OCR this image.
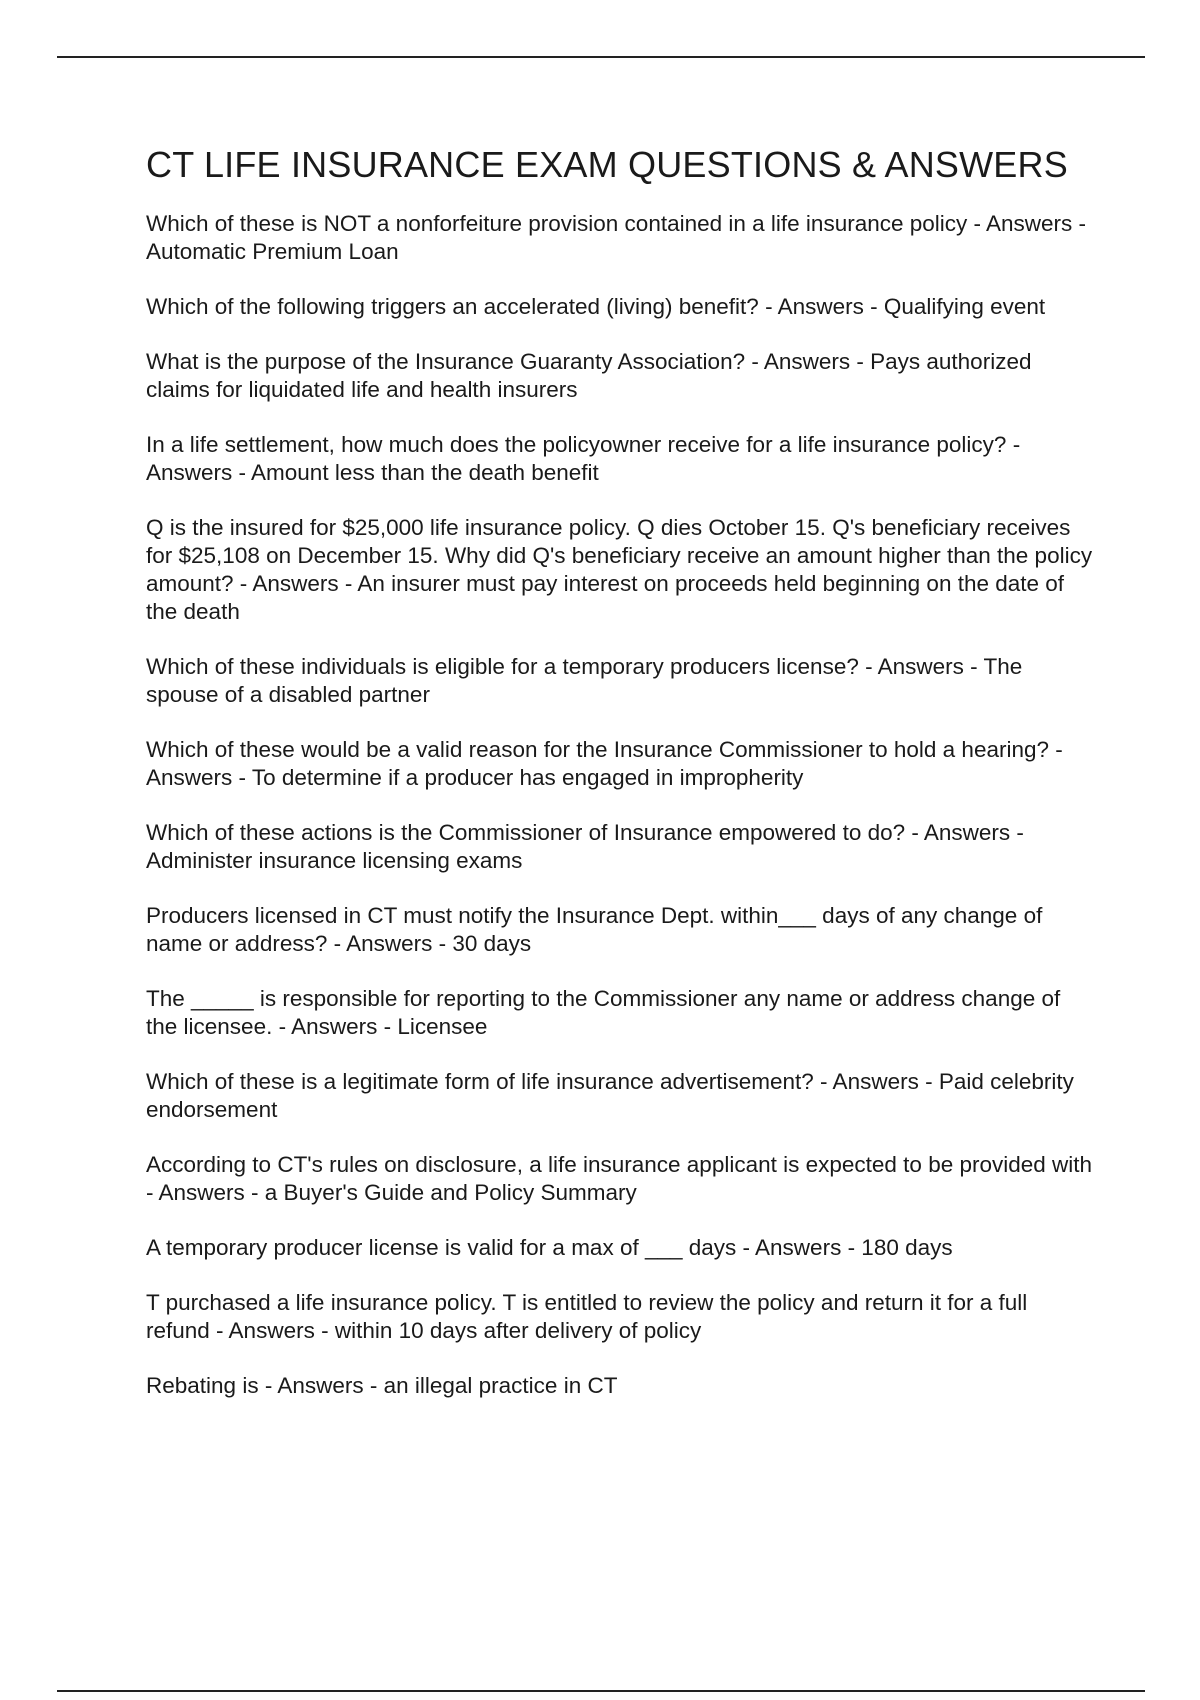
CT LIFE INSURANCE EXAM QUESTIONS & ANSWERS
Which of these is NOT a nonforfeiture provision contained in a life insurance policy - Answers - Automatic Premium Loan
Which of the following triggers an accelerated (living) benefit? - Answers - Qualifying event
What is the purpose of the Insurance Guaranty Association? - Answers - Pays authorized claims for liquidated life and health insurers
In a life settlement, how much does the policyowner receive for a life insurance policy? - Answers - Amount less than the death benefit
Q is the insured for $25,000 life insurance policy. Q dies October 15. Q's beneficiary receives for $25,108 on December 15. Why did Q's beneficiary receive an amount higher than the policy amount? - Answers - An insurer must pay interest on proceeds held beginning on the date of the death
Which of these individuals is eligible for a temporary producers license? - Answers - The spouse of a disabled partner
Which of these would be a valid reason for the Insurance Commissioner to hold a hearing? - Answers - To determine if a producer has engaged in impropherity
Which of these actions is the Commissioner of Insurance empowered to do? - Answers - Administer insurance licensing exams
Producers licensed in CT must notify the Insurance Dept. within___ days of any change of name or address? - Answers - 30 days
The _____ is responsible for reporting to the Commissioner any name or address change of the licensee. - Answers - Licensee
Which of these is a legitimate form of life insurance advertisement? - Answers - Paid celebrity endorsement
According to CT's rules on disclosure, a life insurance applicant is expected to be provided with - Answers - a Buyer's Guide and Policy Summary
A temporary producer license is valid for a max of ___ days - Answers - 180 days
T purchased a life insurance policy. T is entitled to review the policy and return it for a full refund - Answers - within 10 days after delivery of policy
Rebating is - Answers - an illegal practice in CT
